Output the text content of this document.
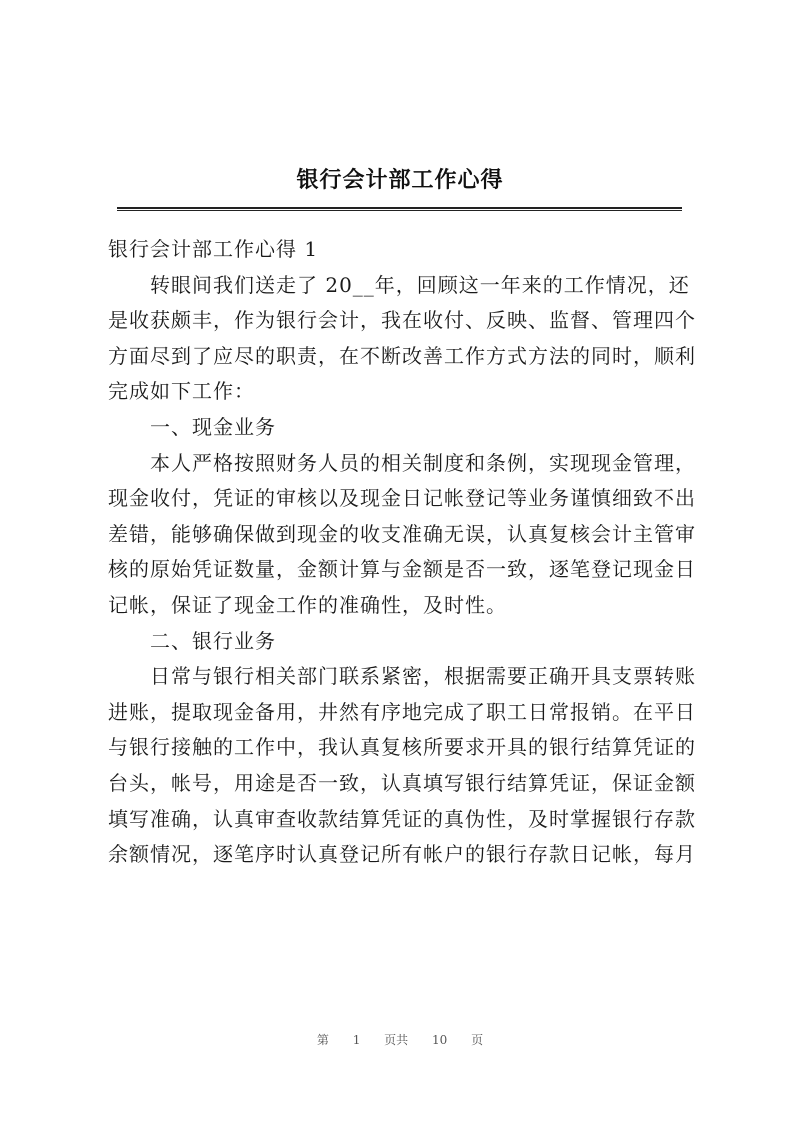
银行会计部工作心得
银行会计部工作心得 1
转眼间我们送走了 20__年，回顾这一年来的工作情况，还
是收获颇丰，作为银行会计，我在收付、反映、监督、管理四个
方面尽到了应尽的职责，在不断改善工作方式方法的同时，顺利
完成如下工作：
一、现金业务
本人严格按照财务人员的相关制度和条例，实现现金管理，
现金收付，凭证的审核以及现金日记帐登记等业务谨慎细致不出
差错，能够确保做到现金的收支准确无误，认真复核会计主管审
核的原始凭证数量，金额计算与金额是否一致，逐笔登记现金日
记帐，保证了现金工作的准确性，及时性。
二、银行业务
日常与银行相关部门联系紧密，根据需要正确开具支票转账
进账，提取现金备用，井然有序地完成了职工日常报销。在平日
与银行接触的工作中，我认真复核所要求开具的银行结算凭证的
台头，帐号，用途是否一致，认真填写银行结算凭证，保证金额
填写准确，认真审查收款结算凭证的真伪性，及时掌握银行存款
余额情况，逐笔序时认真登记所有帐户的银行存款日记帐，每月
第 1 页共 10 页
